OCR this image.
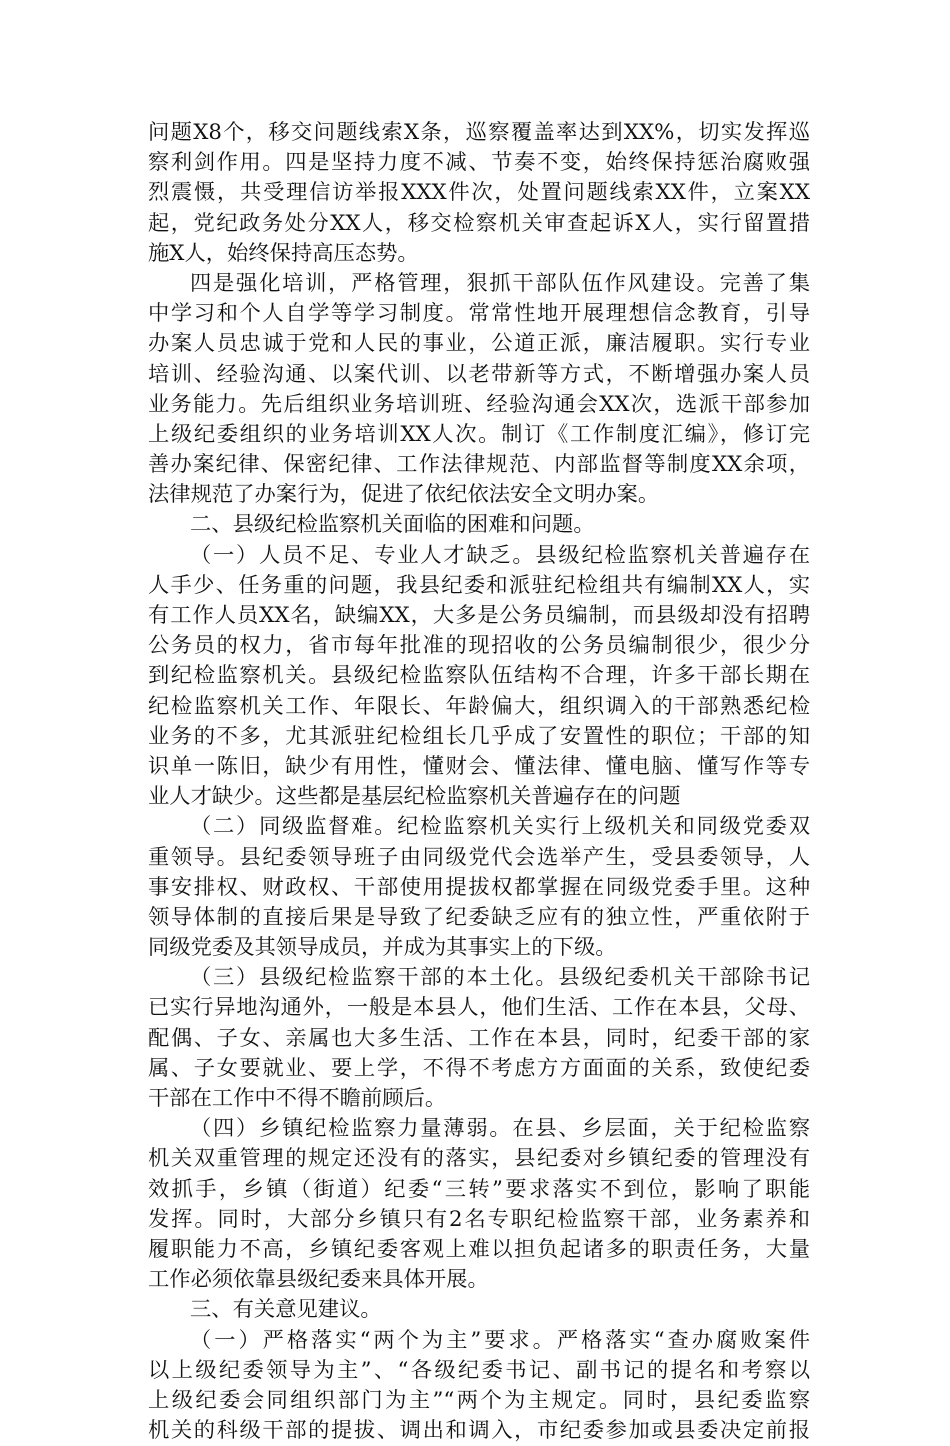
问题X8个，移交问题线索X条，巡察覆盖率达到XX%，切实发挥巡
察利剑作用。四是坚持力度不减、节奏不变，始终保持惩治腐败强
烈震慑，共受理信访举报XXX件次，处置问题线索XX件，立案XX
起，党纪政务处分XX人，移交检察机关审查起诉X人，实行留置措
施X人，始终保持高压态势。
四是强化培训，严格管理，狠抓干部队伍作风建设。完善了集
中学习和个人自学等学习制度。常常性地开展理想信念教育，引导
办案人员忠诚于党和人民的事业，公道正派，廉洁履职。实行专业
培训、经验沟通、以案代训、以老带新等方式，不断增强办案人员
业务能力。先后组织业务培训班、经验沟通会XX次，选派干部参加
上级纪委组织的业务培训XX人次。制订《工作制度汇编》，修订完
善办案纪律、保密纪律、工作法律规范、内部监督等制度XX余项，
法律规范了办案行为，促进了依纪依法安全文明办案。
二、县级纪检监察机关面临的困难和问题。
（一）人员不足、专业人才缺乏。县级纪检监察机关普遍存在
人手少、任务重的问题，我县纪委和派驻纪检组共有编制XX人，实
有工作人员XX名，缺编XX，大多是公务员编制，而县级却没有招聘
公务员的权力，省市每年批准的现招收的公务员编制很少，很少分
到纪检监察机关。县级纪检监察队伍结构不合理，许多干部长期在
纪检监察机关工作、年限长、年龄偏大，组织调入的干部熟悉纪检
业务的不多，尤其派驻纪检组长几乎成了安置性的职位；干部的知
识单一陈旧，缺少有用性，懂财会、懂法律、懂电脑、懂写作等专
业人才缺少。这些都是基层纪检监察机关普遍存在的问题
（二）同级监督难。纪检监察机关实行上级机关和同级党委双
重领导。县纪委领导班子由同级党代会选举产生，受县委领导，人
事安排权、财政权、干部使用提拔权都掌握在同级党委手里。这种
领导体制的直接后果是导致了纪委缺乏应有的独立性，严重依附于
同级党委及其领导成员，并成为其事实上的下级。
（三）县级纪检监察干部的本土化。县级纪委机关干部除书记
已实行异地沟通外，一般是本县人，他们生活、工作在本县，父母、
配偶、子女、亲属也大多生活、工作在本县，同时，纪委干部的家
属、子女要就业、要上学，不得不考虑方方面面的关系，致使纪委
干部在工作中不得不瞻前顾后。
（四）乡镇纪检监察力量薄弱。在县、乡层面，关于纪检监察
机关双重管理的规定还没有的落实，县纪委对乡镇纪委的管理没有
效抓手，乡镇（街道）纪委“三转”要求落实不到位，影响了职能
发挥。同时，大部分乡镇只有2名专职纪检监察干部，业务素养和
履职能力不高，乡镇纪委客观上难以担负起诸多的职责任务，大量
工作必须依靠县级纪委来具体开展。
三、有关意见建议。
（一）严格落实“两个为主”要求。严格落实“查办腐败案件
以上级纪委领导为主”、“各级纪委书记、副书记的提名和考察以
上级纪委会同组织部门为主”“两个为主规定。同时，县纪委监察
机关的科级干部的提拔、调出和调入，市纪委参加或县委决定前报
